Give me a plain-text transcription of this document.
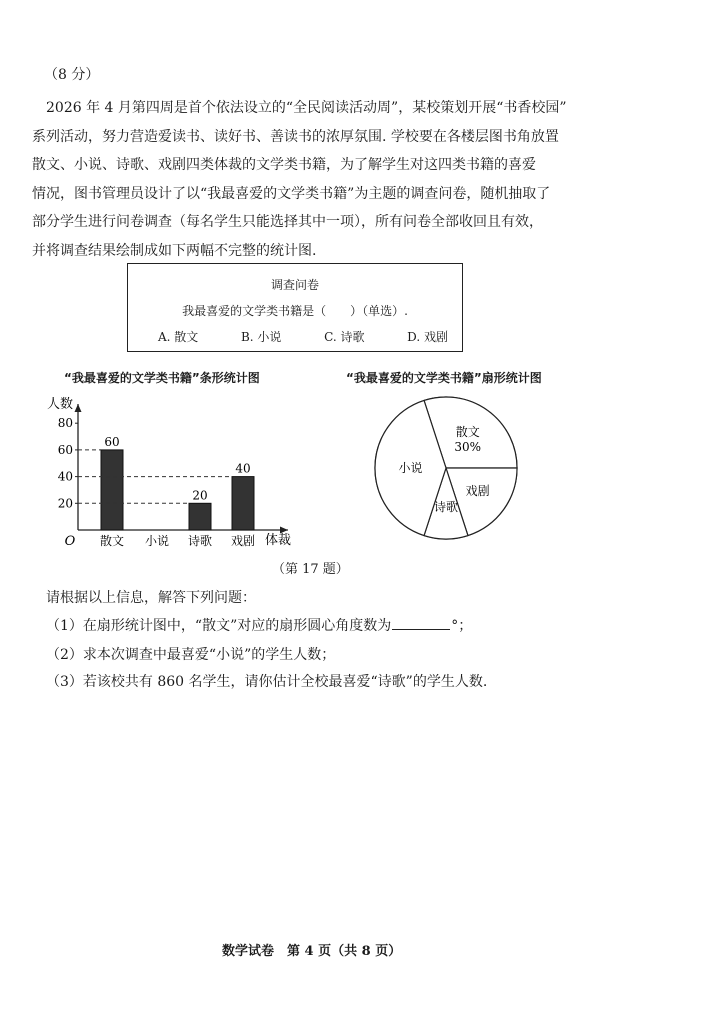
（8 分）
2026 年 4 月第四周是首个依法设立的“全民阅读活动周”，某校策划开展“书香校园”
系列活动，努力营造爱读书、读好书、善读书的浓厚氛围. 学校要在各楼层图书角放置
散文、小说、诗歌、戏剧四类体裁的文学类书籍，为了解学生对这四类书籍的喜爱
情况，图书管理员设计了以“我最喜爱的文学类书籍”为主题的调查问卷，随机抽取了
部分学生进行问卷调查（每名学生只能选择其中一项），所有问卷全部收回且有效，
并将调查结果绘制成如下两幅不完整的统计图.
调查问卷
我最喜爱的文学类书籍是（　　）（单选）.
A. 散文	B. 小说	C. 诗歌	D. 戏剧
“我最喜爱的文学类书籍”条形统计图	“我最喜爱的文学类书籍”扇形统计图
人数
体裁
O
20
40
60
80
散文
60
小说 诗歌
20
戏剧
40
散文
30%
戏剧
诗歌
小说
（第 17 题）
请根据以上信息，解答下列问题：
（1）在扇形统计图中，“散文”对应的扇形圆心角度数为	°；
（2）求本次调查中最喜爱“小说”的学生人数；
（3）若该校共有 860 名学生，请你估计全校最喜爱“诗歌”的学生人数.
数学试卷　第 4 页（共 8 页）
